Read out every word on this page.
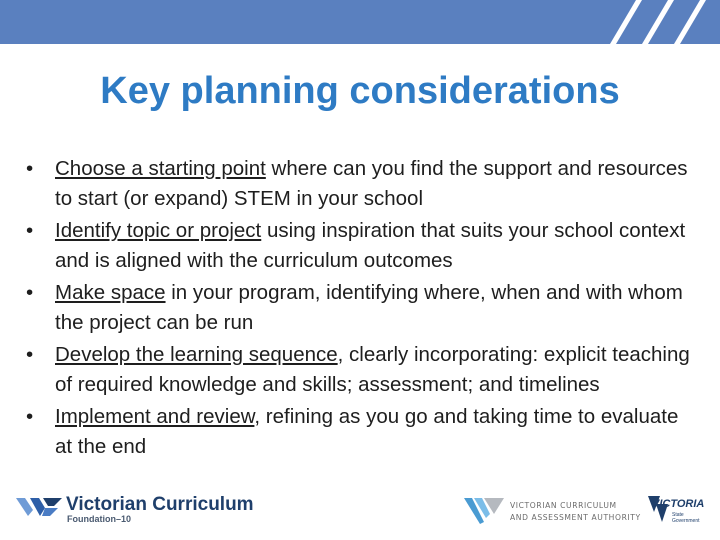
Key planning considerations
• Choose a starting point where can you find the support and resources to start (or expand) STEM in your school
• Identify topic or project using inspiration that suits your school context and is aligned with the curriculum outcomes
• Make space in your program, identifying where, when and with whom the project can be run
• Develop the learning sequence, clearly incorporating: explicit teaching of required knowledge and skills; assessment; and timelines
• Implement and review, refining as you go and taking time to evaluate at the end
Victorian Curriculum
Foundation–10
VICTORIAN CURRICULUM
AND ASSESSMENT AUTHORITY
VICTORIA
State
Government
